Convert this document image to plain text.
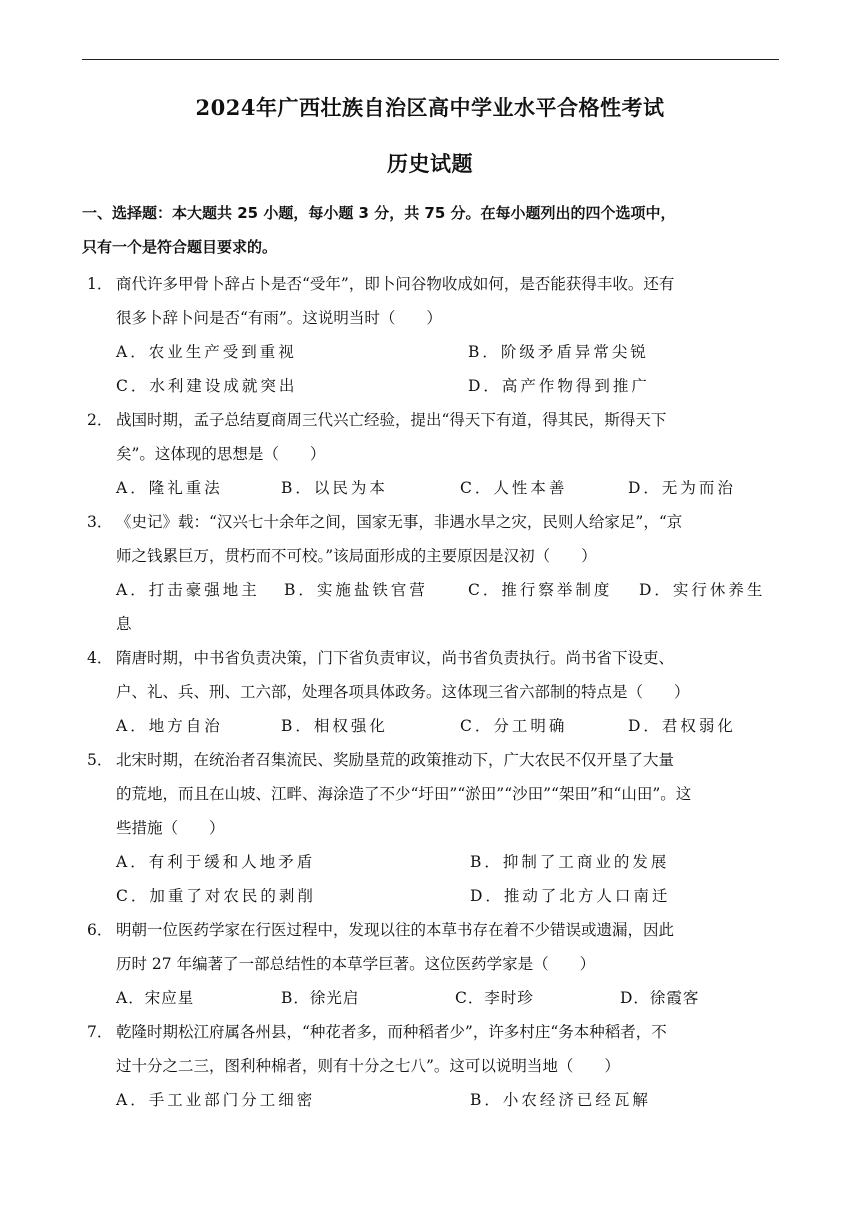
2024年广西壮族自治区高中学业水平合格性考试
历史试题
一、选择题：本大题共 25 小题，每小题 3 分，共 75 分。在每小题列出的四个选项中，
只有一个是符合题目要求的。
1． 商代许多甲骨卜辞占卜是否“受年”，即卜问谷物收成如何，是否能获得丰收。还有
很多卜辞卜问是否“有雨”。这说明当时（　　）
A．农业生产受到重视	B．阶级矛盾异常尖锐
C．水利建设成就突出	D．高产作物得到推广
2． 战国时期，孟子总结夏商周三代兴亡经验，提出“得天下有道，得其民，斯得天下
矣”。这体现的思想是（　　）
A．隆礼重法	B．以民为本	C．人性本善	D．无为而治
3． 《史记》载：“汉兴七十余年之间，国家无事，非遇水旱之灾，民则人给家足”，“京
师之钱累巨万，贯朽而不可校。”该局面形成的主要原因是汉初（　　）
A．打击豪强地主 B．实施盐铁官营	C．推行察举制度 D．实行休养生
息
4． 隋唐时期，中书省负责决策，门下省负责审议，尚书省负责执行。尚书省下设吏、
户、礼、兵、刑、工六部，处理各项具体政务。这体现三省六部制的特点是（　　）
A．地方自治	B．相权强化	C．分工明确	D．君权弱化
5． 北宋时期，在统治者召集流民、奖励垦荒的政策推动下，广大农民不仅开垦了大量
的荒地，而且在山坡、江畔、海涂造了不少“圩田”“淤田”“沙田”“架田”和“山田”。这
些措施（　　）
A．有利于缓和人地矛盾	B．抑制了工商业的发展
C．加重了对农民的剥削	D．推动了北方人口南迁
6． 明朝一位医药学家在行医过程中，发现以往的本草书存在着不少错误或遗漏，因此
历时 27 年编著了一部总结性的本草学巨著。这位医药学家是（　　）
A．宋应星	B．徐光启	C．李时珍	D．徐霞客
7． 乾隆时期松江府属各州县，“种花者多，而种稻者少”，许多村庄“务本种稻者，不
过十分之二三，图利种棉者，则有十分之七八”。这可以说明当地（　　）
A．手工业部门分工细密	B．小农经济已经瓦解
